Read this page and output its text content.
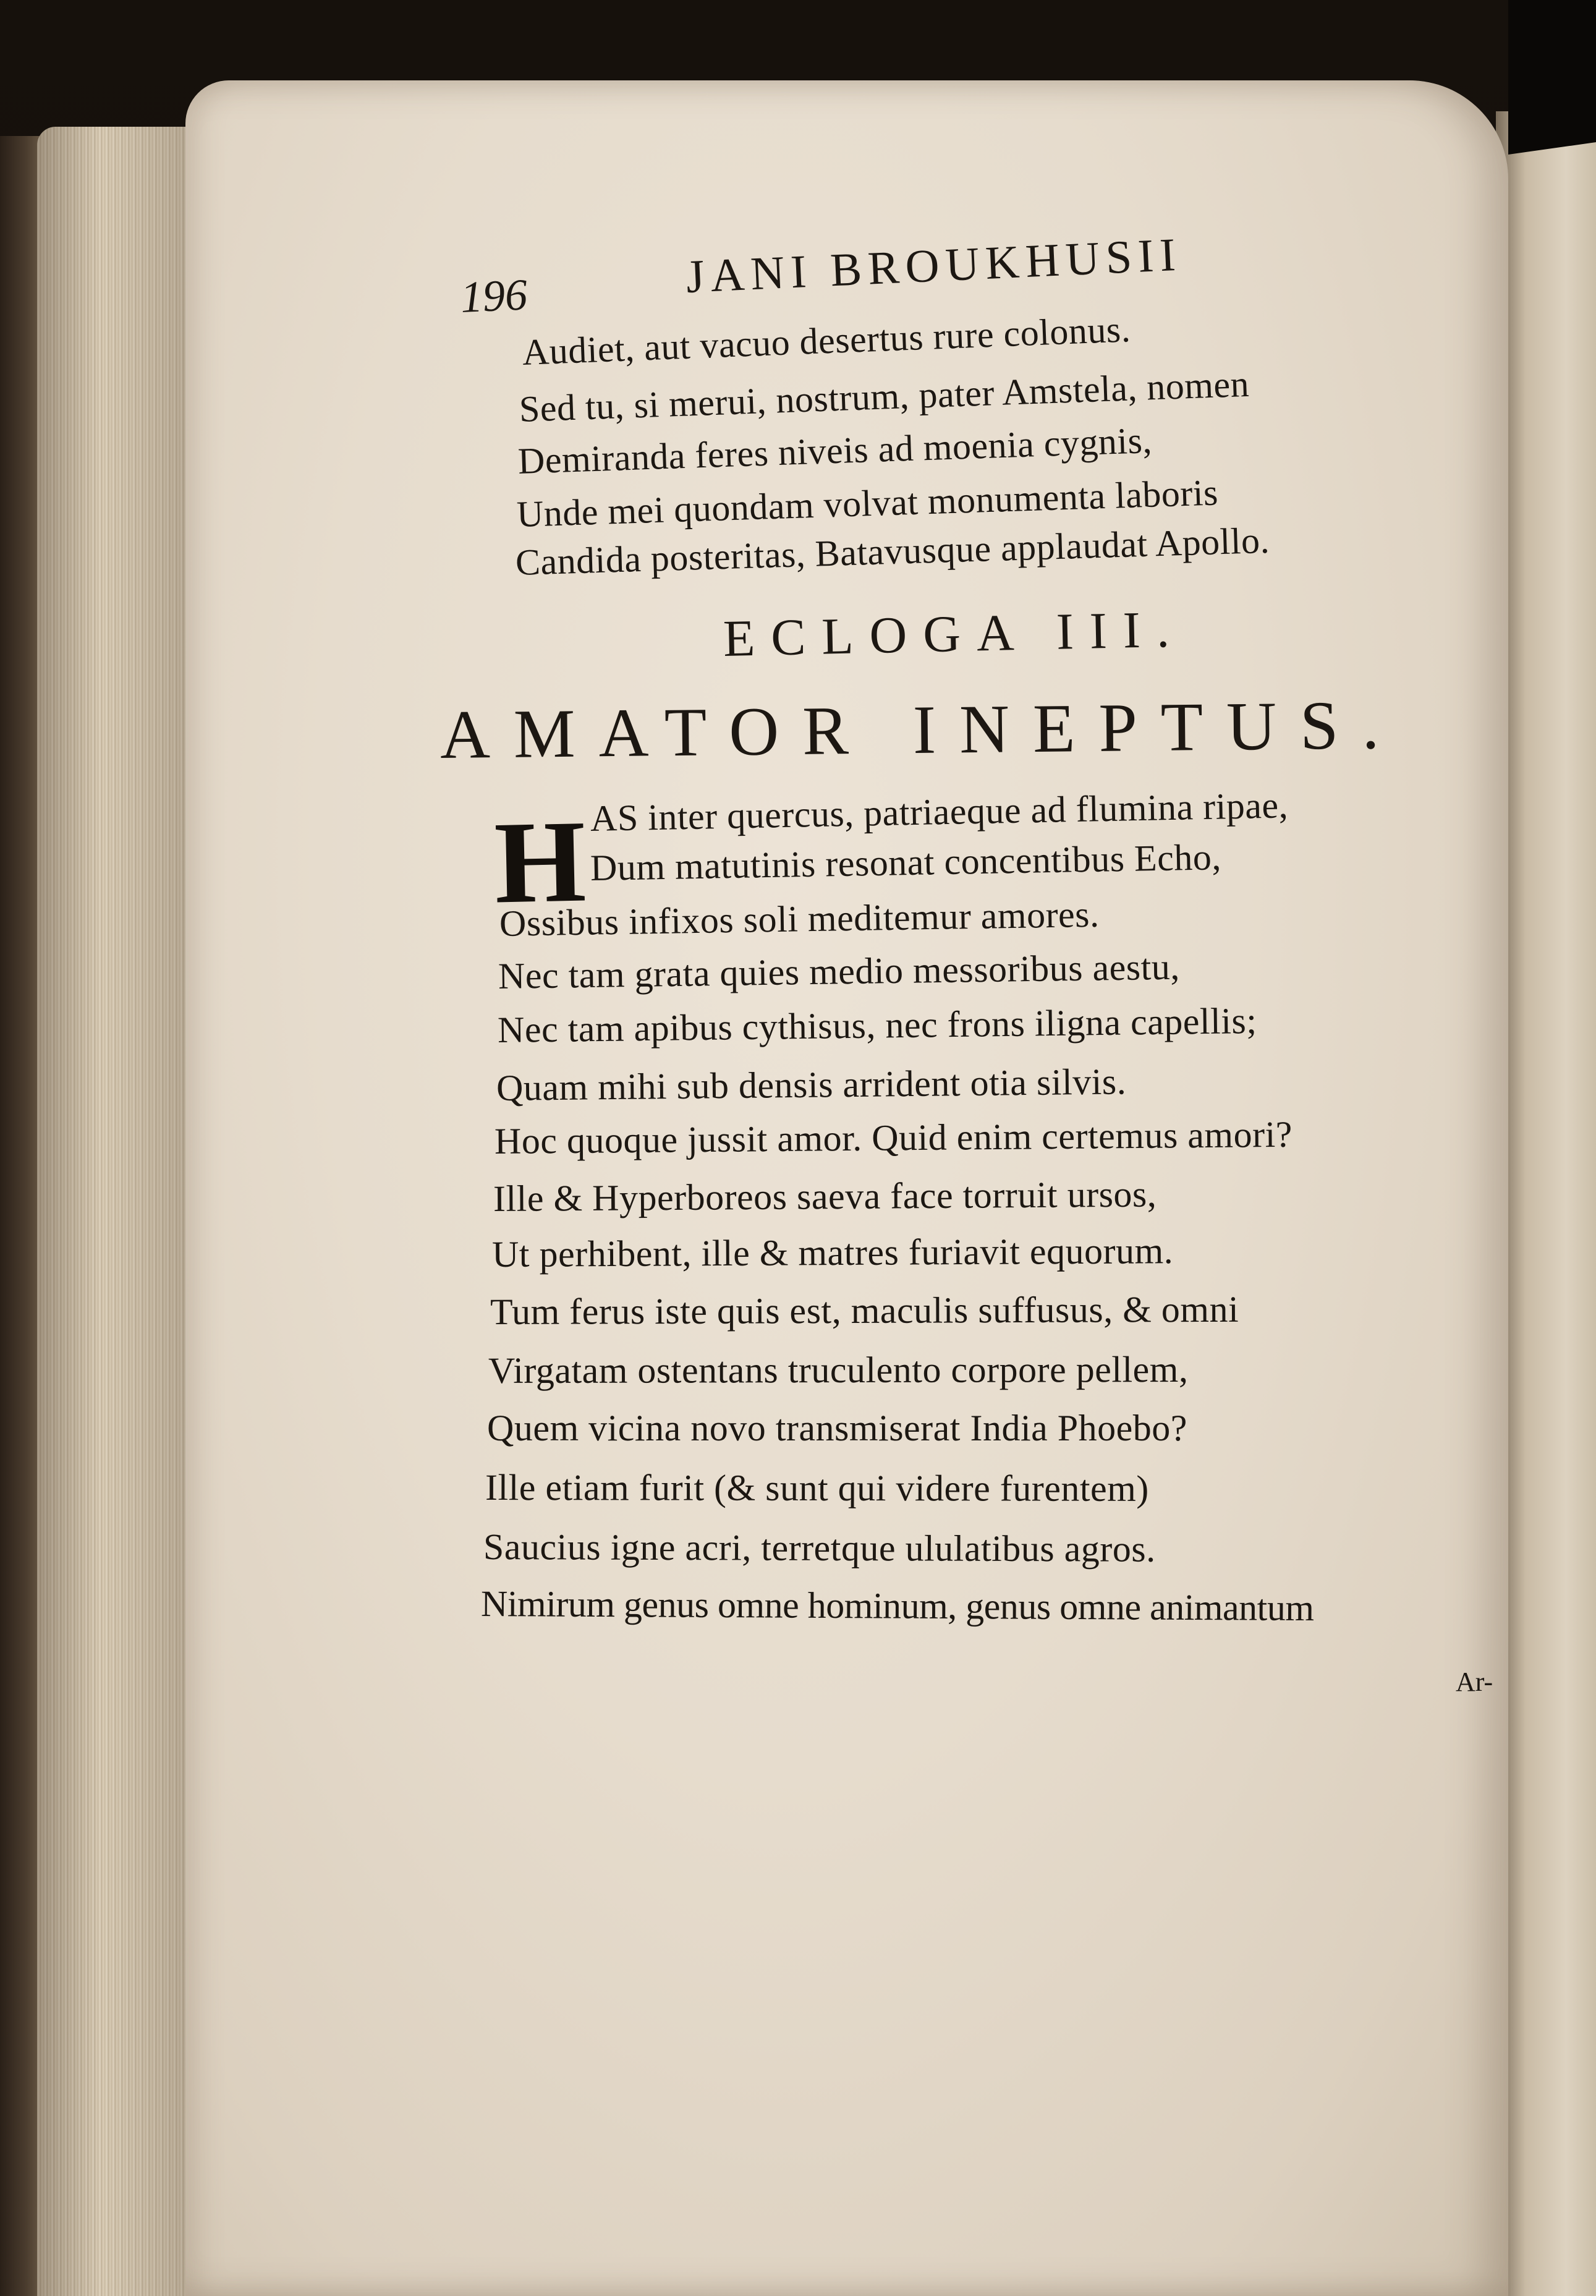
196	JANI BROUKHUSII
Audiet, aut vacuo desertus rure colonus.
Sed tu, si merui, nostrum, pater Amstela, nomen
Demiranda feres niveis ad moenia cygnis,
Unde mei quondam volvat monumenta laboris
Candida posteritas, Batavusque applaudat Apollo.
ECLOGA III.
AMATOR INEPTUS.
H AS inter quercus, patriaeque ad flumina ripae,
Dum matutinis resonat concentibus Echo,
Ossibus infixos soli meditemur amores.
Nec tam grata quies medio messoribus aestu,
Nec tam apibus cythisus, nec frons iligna capellis;
Quam mihi sub densis arrident otia silvis.
Hoc quoque jussit amor. Quid enim certemus amori?
Ille & Hyperboreos saeva face torruit ursos,
Ut perhibent, ille & matres furiavit equorum.
Tum ferus iste quis est, maculis suffusus, & omni
Virgatam ostentans truculento corpore pellem,
Quem vicina novo transmiserat India Phoebo?
Ille etiam furit (& sunt qui videre furentem)
Saucius igne acri, terretque ululatibus agros.
Nimirum genus omne hominum, genus omne animantum
Ar-
